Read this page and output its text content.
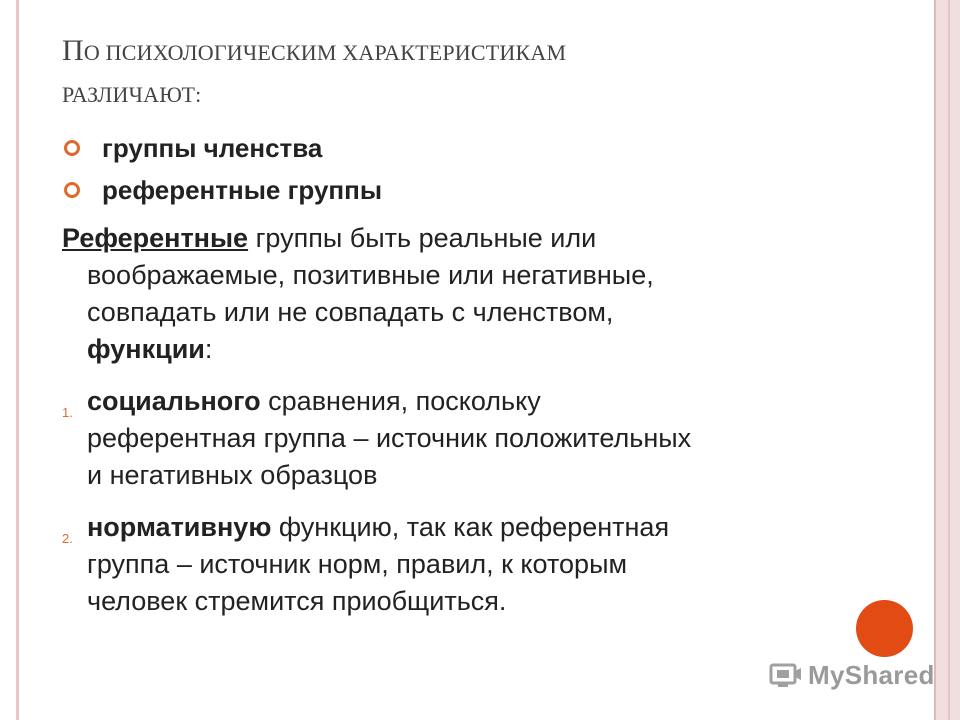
ПО ПСИХОЛОГИЧЕСКИМ ХАРАКТЕРИСТИКАМ
РАЗЛИЧАЮТ:
группы членства
референтные группы
Референтные группы быть реальные или
воображаемые, позитивные или негативные,
совпадать или не совпадать с членством,
функции:
1. социального сравнения, поскольку
референтная группа – источник положительных
и негативных образцов
2. нормативную функцию, так как референтная
группа – источник норм, правил, к которым
человек стремится приобщиться.
MyShared
